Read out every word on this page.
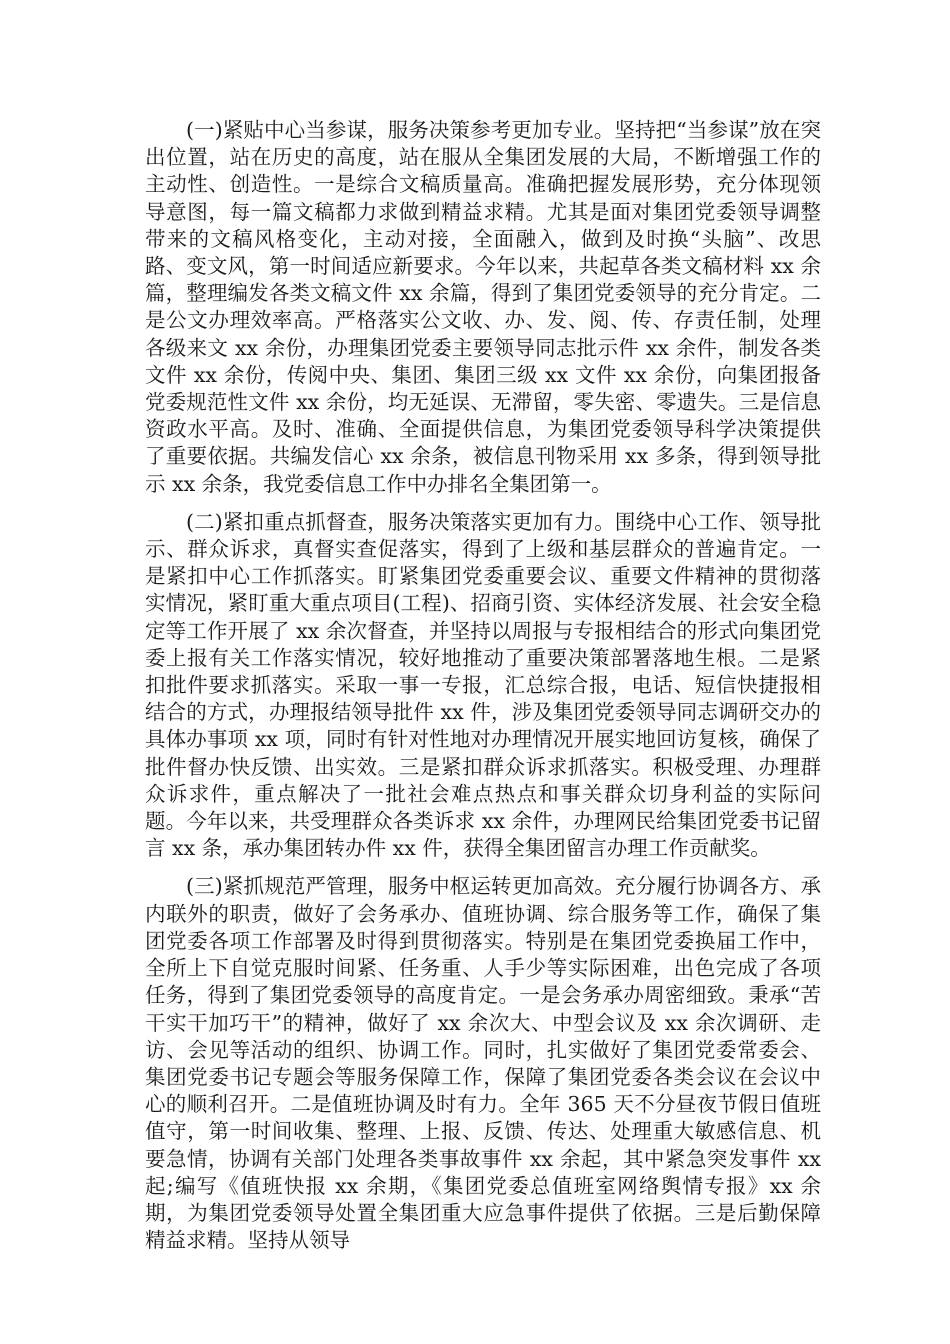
(一)紧贴中心当参谋，服务决策参考更加专业。坚持把“当参谋”放在突出位置，站在历史的高度，站在服从全集团发展的大局，不断增强工作的主动性、创造性。一是综合文稿质量高。准确把握发展形势，充分体现领导意图，每一篇文稿都力求做到精益求精。尤其是面对集团党委领导调整带来的文稿风格变化，主动对接，全面融入，做到及时换“头脑”、改思路、变文风，第一时间适应新要求。今年以来，共起草各类文稿材料 xx 余篇，整理编发各类文稿文件 xx 余篇，得到了集团党委领导的充分肯定。二是公文办理效率高。严格落实公文收、办、发、阅、传、存责任制，处理各级来文 xx 余份，办理集团党委主要领导同志批示件 xx 余件，制发各类文件 xx 余份，传阅中央、集团、集团三级 xx 文件 xx 余份，向集团报备党委规范性文件 xx 余份，均无延误、无滞留，零失密、零遗失。三是信息资政水平高。及时、准确、全面提供信息，为集团党委领导科学决策提供了重要依据。共编发信心 xx 余条，被信息刊物采用 xx 多条，得到领导批示 xx 余条，我党委信息工作中办排名全集团第一。

(二)紧扣重点抓督查，服务决策落实更加有力。围绕中心工作、领导批示、群众诉求，真督实查促落实，得到了上级和基层群众的普遍肯定。一是紧扣中心工作抓落实。盯紧集团党委重要会议、重要文件精神的贯彻落实情况，紧盯重大重点项目(工程)、招商引资、实体经济发展、社会安全稳定等工作开展了 xx 余次督查，并坚持以周报与专报相结合的形式向集团党委上报有关工作落实情况，较好地推动了重要决策部署落地生根。二是紧扣批件要求抓落实。采取一事一专报，汇总综合报，电话、短信快捷报相结合的方式，办理报结领导批件 xx 件，涉及集团党委领导同志调研交办的具体办事项 xx 项，同时有针对性地对办理情况开展实地回访复核，确保了批件督办快反馈、出实效。三是紧扣群众诉求抓落实。积极受理、办理群众诉求件，重点解决了一批社会难点热点和事关群众切身利益的实际问题。今年以来，共受理群众各类诉求 xx 余件，办理网民给集团党委书记留言 xx 条，承办集团转办件 xx 件，获得全集团留言办理工作贡献奖。

(三)紧抓规范严管理，服务中枢运转更加高效。充分履行协调各方、承内联外的职责，做好了会务承办、值班协调、综合服务等工作，确保了集团党委各项工作部署及时得到贯彻落实。特别是在集团党委换届工作中，全所上下自觉克服时间紧、任务重、人手少等实际困难，出色完成了各项任务，得到了集团党委领导的高度肯定。一是会务承办周密细致。秉承“苦干实干加巧干”的精神，做好了 xx 余次大、中型会议及 xx 余次调研、走访、会见等活动的组织、协调工作。同时，扎实做好了集团党委常委会、集团党委书记专题会等服务保障工作，保障了集团党委各类会议在会议中心的顺利召开。二是值班协调及时有力。全年 365 天不分昼夜节假日值班值守，第一时间收集、整理、上报、反馈、传达、处理重大敏感信息、机要急情，协调有关部门处理各类事故事件 xx 余起，其中紧急突发事件 xx 起;编写《值班快报 xx 余期，《集团党委总值班室网络舆情专报》xx 余期，为集团党委领导处置全集团重大应急事件提供了依据。三是后勤保障精益求精。坚持从领导
